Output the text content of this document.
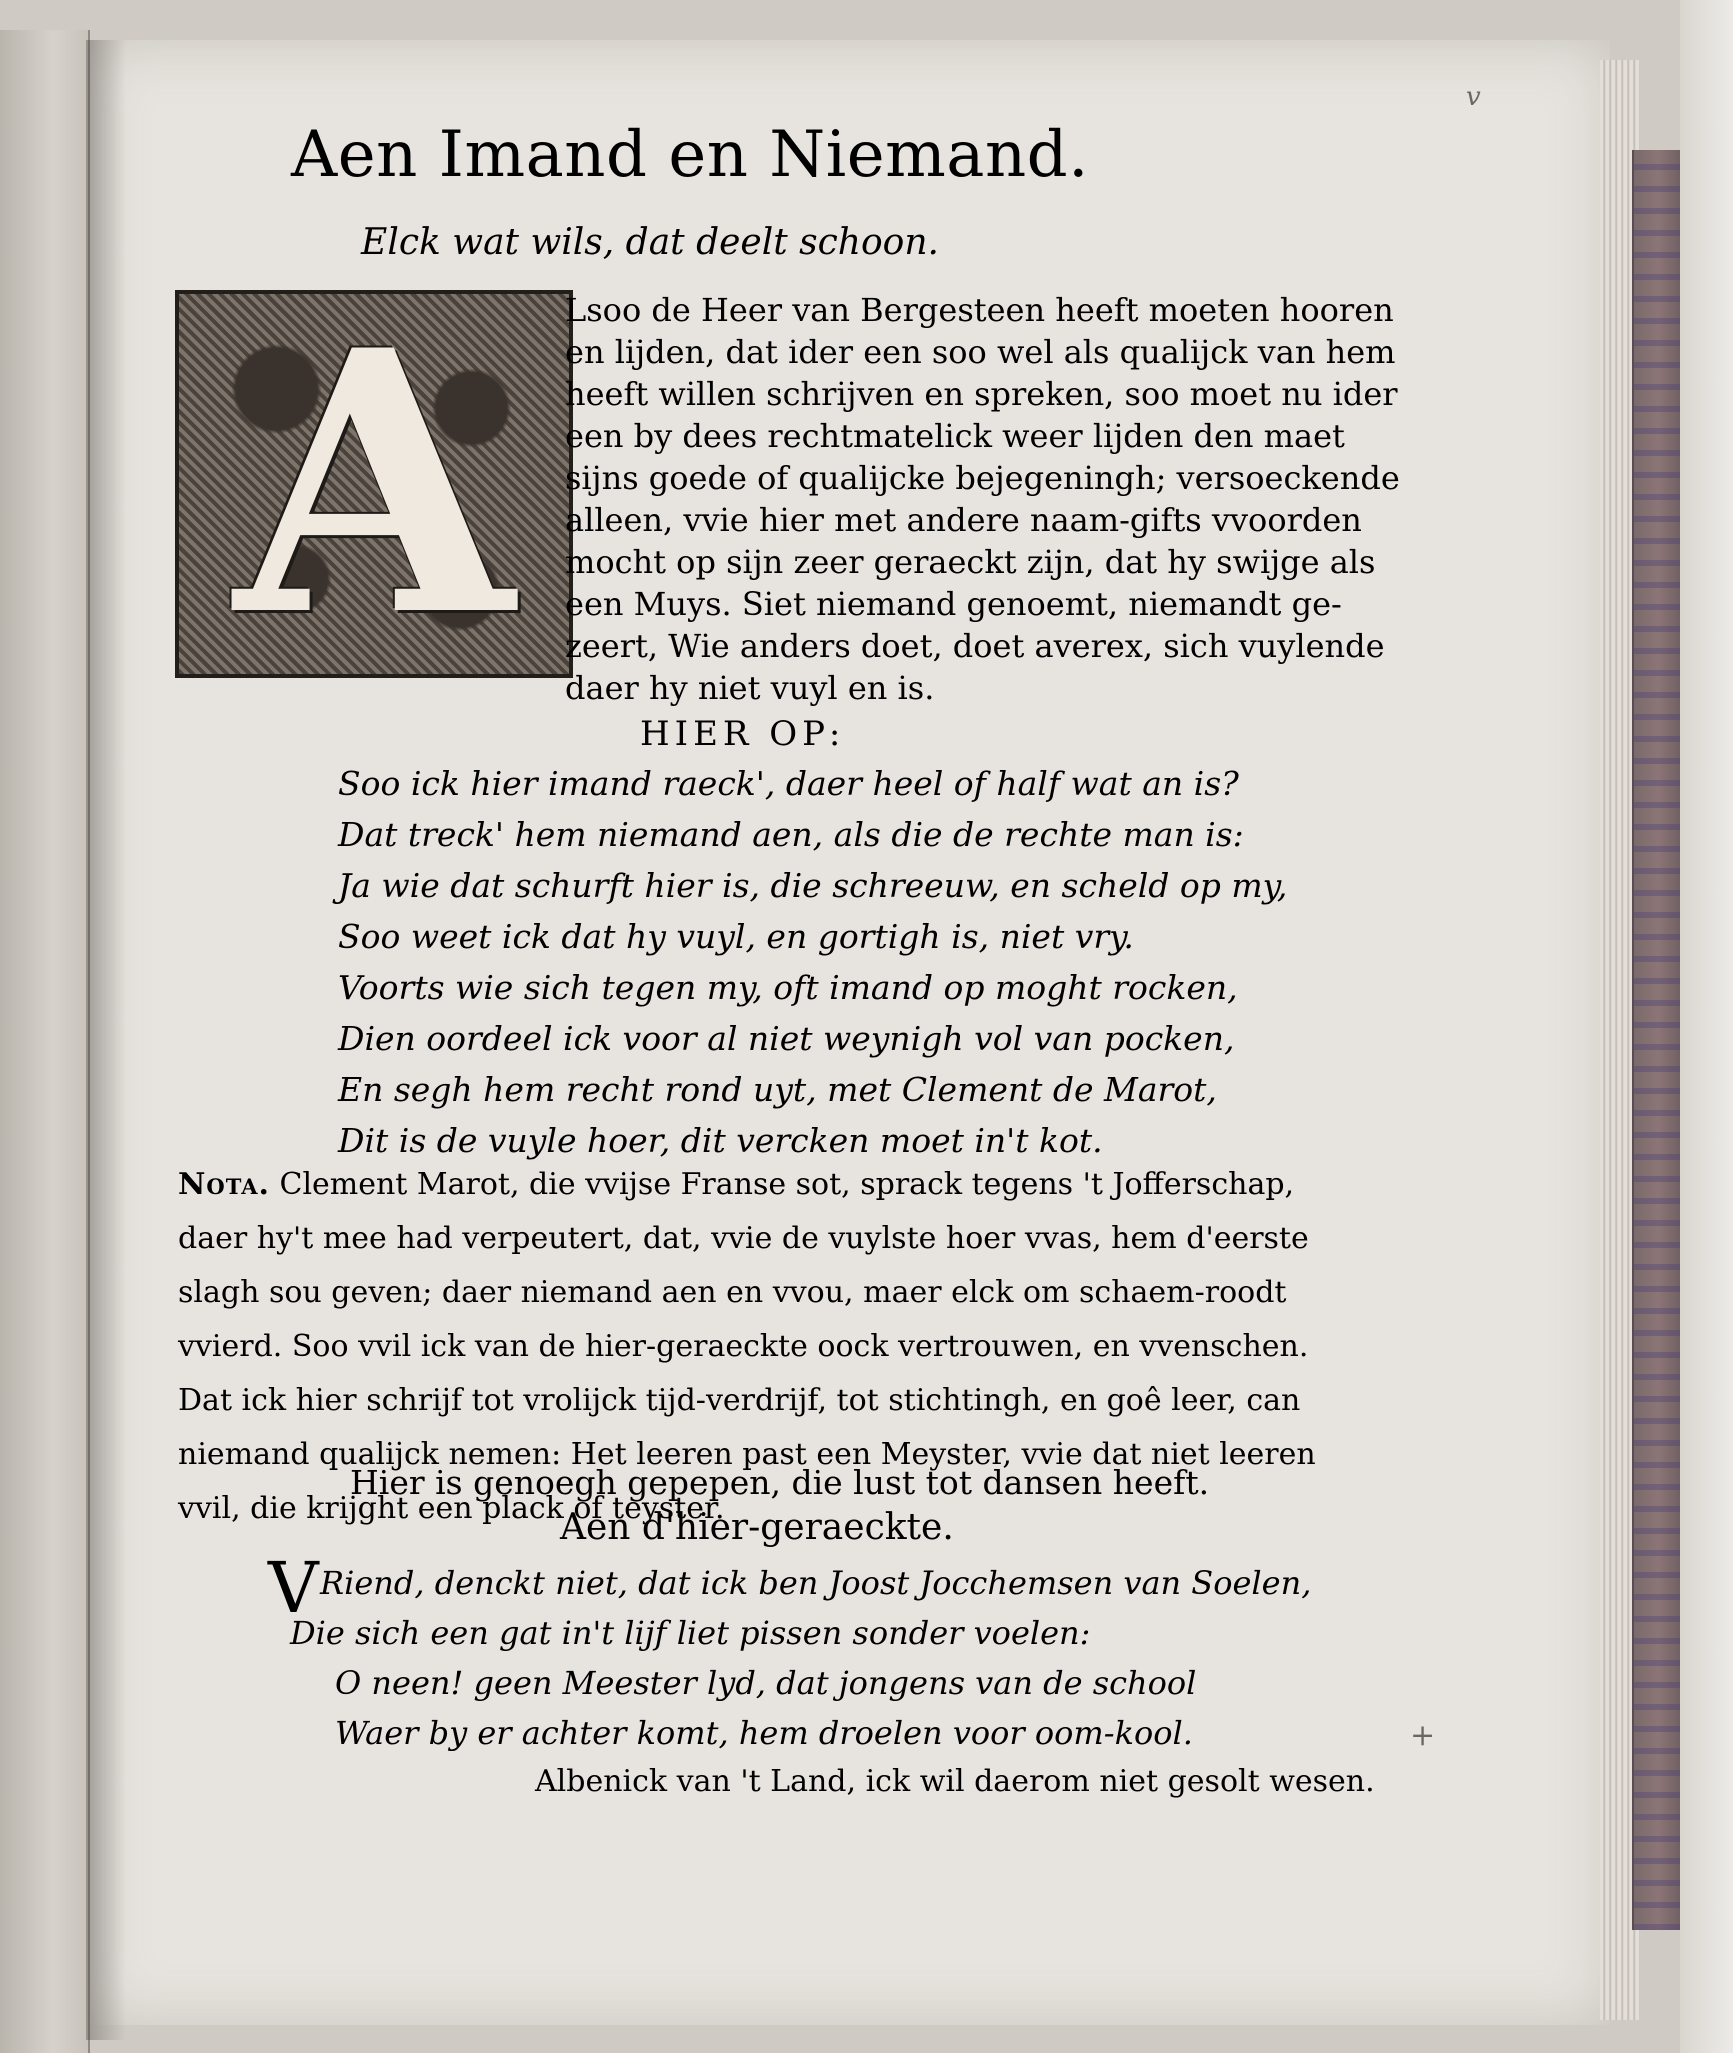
v
+
Aen Imand en Niemand.
Elck wat wils, dat deelt schoon.
A Lsoo de Heer van Bergesteen heeft moeten hooren
en lijden, dat ider een soo wel als qualijck van hem
heeft willen schrijven en spreken, soo moet nu ider
een by dees rechtmatelick weer lijden den maet
sijns goede of qualijcke bejegeningh; versoeckende
alleen, vvie hier met andere naam-gifts vvoorden
mocht op sijn zeer geraeckt zijn, dat hy swijge als
een Muys. Siet niemand genoemt, niemandt ge-
zeert, Wie anders doet, doet averex, sich vuylende
daer hy niet vuyl en is.
HIER OP:
Soo ick hier imand raeck', daer heel of half wat an is?
Dat treck' hem niemand aen, als die de rechte man is:
Ja wie dat schurft hier is, die schreeuw, en scheld op my,
Soo weet ick dat hy vuyl, en gortigh is, niet vry.
Voorts wie sich tegen my, oft imand op moght rocken,
Dien oordeel ick voor al niet weynigh vol van pocken,
En segh hem recht rond uyt, met Clement de Marot,
Dit is de vuyle hoer, dit vercken moet in't kot.
Nota. Clement Marot, die vvijse Franse sot, sprack tegens 't Jofferschap,
daer hy't mee had verpeutert, dat, vvie de vuylste hoer vvas, hem d'eerste
slagh sou geven; daer niemand aen en vvou, maer elck om schaem-roodt
vvierd. Soo vvil ick van de hier-geraeckte oock vertrouwen, en vvenschen.
Dat ick hier schrijf tot vrolijck tijd-verdrijf, tot stichtingh, en goê leer, can
niemand qualijck nemen: Het leeren past een Meyster, vvie dat niet leeren
vvil, die krijght een plack of teyster.
Hier is genoegh gepepen, die lust tot dansen heeft.
Aen d'hier-geraeckte.
V Riend, denckt niet, dat ick ben Joost Jocchemsen van Soelen,
Die sich een gat in't lijf liet pissen sonder voelen:
O neen! geen Meester lyd, dat jongens van de school
Waer by er achter komt, hem droelen voor oom-kool.
Albenick van 't Land, ick wil daerom niet gesolt wesen.
